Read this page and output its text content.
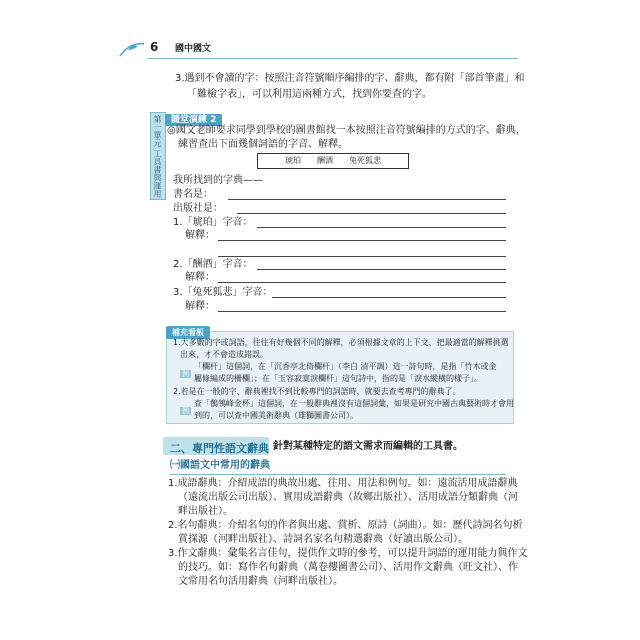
6 國中國文
第一單元 工具書與運用
3.遇到不會讀的字：按照注音符號順序編排的字、辭典，都有附「部首筆畫」和
「難檢字表」，可以利用這兩種方式，找到你要查的字。
隨堂演練 2
◎國文老師要求同學到學校的圖書館找一本按照注音符號編排的方式的字、辭典，
練習查出下面幾個詞語的字音、解釋。
琥珀　　酬酒　　兔死狐悲
我所找到的字典——
書名是：
出版社是：
1.「琥珀」字音：
解釋：
2.「酬酒」字音：
解釋：
3.「兔死狐悲」字音：
解釋：
補充看板
1.大多數的字或詞語，往往有好幾個不同的解釋，必須根據文章的上下文，把最適當的解釋挑選
出來，才不會造成錯誤。
例
「欄杆」這個詞，在「沉香亭北倚欄杆」（李白 清平調）這一詩句時，是指「竹木或金
屬條編成的柵欄」；在「玉容寂寞淚欄杆」這句詩中，指的是「淚水縱橫的樣子」。
2.若是在一般的字、辭典裡找不到比較專門的詞語時，就要去查考專門的辭典了。
例
查「鶺鴒峰金杯」這個詞，在一般辭典裡沒有這個詞彙，如果是研究中國古典藝術時才會用
到的，可以查中國美術辭典（雄獅圖書公司）。
二、專門性語文辭典 針對某種特定的語文需求而編輯的工具書。
㈠國語文中常用的辭典
1.成語辭典：介紹成語的典故出處、往用、用法和例句。如：遠流活用成語辭典
（遠流出版公司出版）、實用成語辭典（故鄉出版社）、活用成語分類辭典（河
畔出版社）。
2.名句辭典：介紹名句的作者與出處、賞析、原詩（詞曲）。如：歷代詩詞名句析
賞探源（河畔出版社）、詩詞名家名句精選辭典（好讀出版公司）。
3.作文辭典：彙集名言佳句，提供作文時的參考，可以提升詞語的運用能力與作文
的技巧。如：寫作名句辭典（萬卷樓圖書公司）、活用作文辭典（旺文社）、作
文常用名句活用辭典（河畔出版社）。
